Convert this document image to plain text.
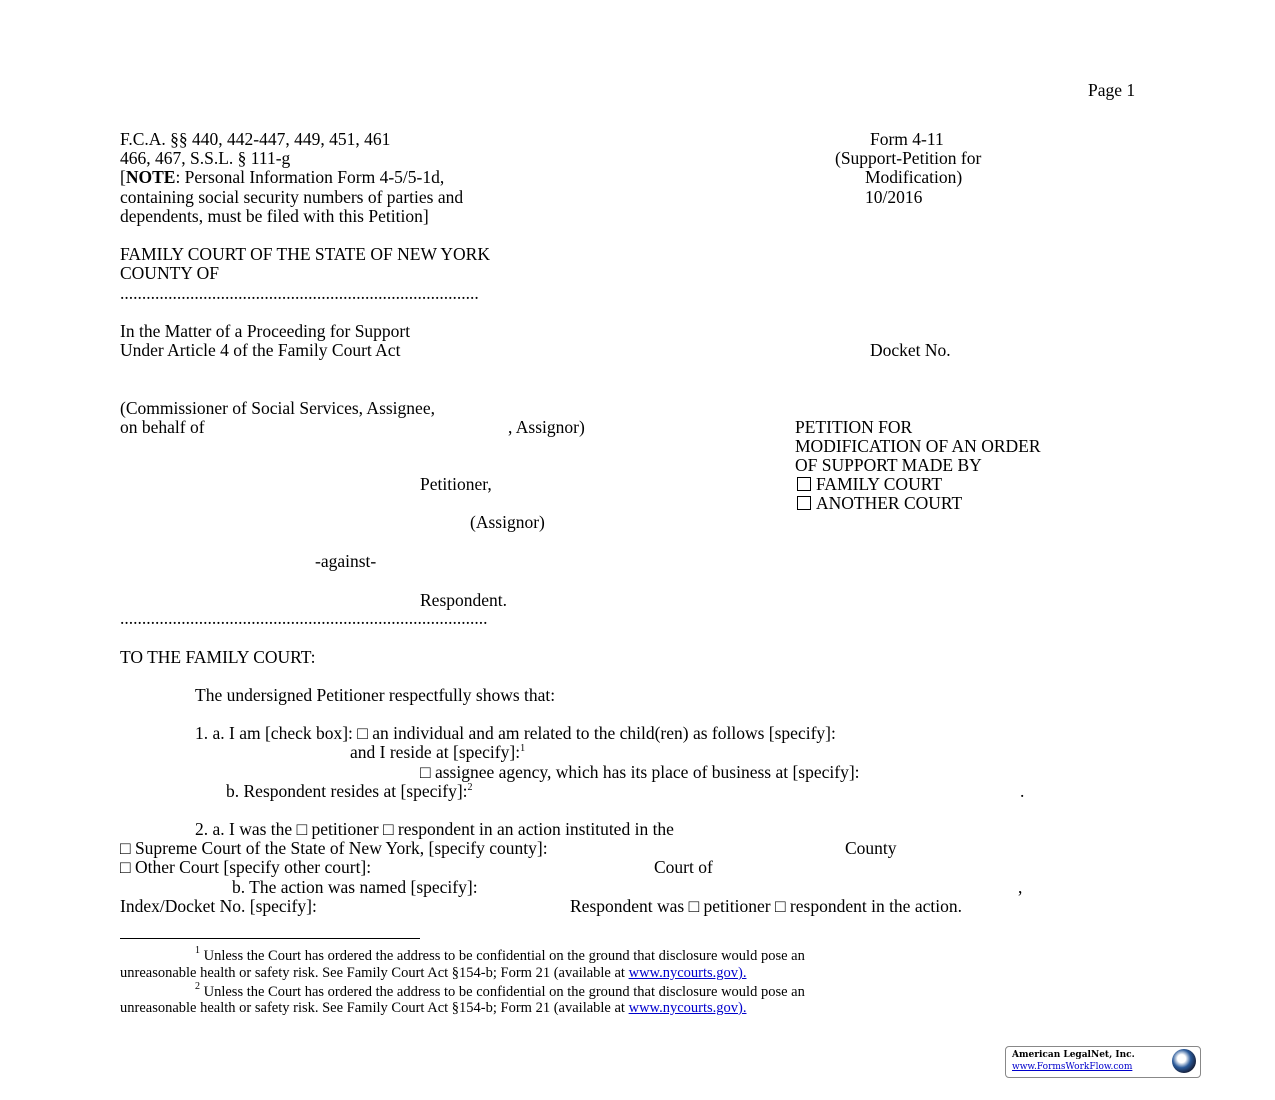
Page 1
F.C.A. §§ 440, 442-447, 449, 451, 461
466, 467, S.S.L. § 111-g
[NOTE: Personal Information Form 4-5/5-1d,
containing social security numbers of parties and
dependents, must be filed with this Petition]
Form 4-11
(Support-Petition for
Modification)
10/2016
FAMILY COURT OF THE STATE OF NEW YORK
COUNTY OF
..................................................................................
In the Matter of a Proceeding for Support
Under Article 4 of the Family Court Act	Docket No.
(Commissioner of Social Services, Assignee,
on behalf of	, Assignor)
Petitioner,
(Assignor)
-against-
Respondent.
....................................................................................
PETITION FOR
MODIFICATION OF AN ORDER
OF SUPPORT MADE BY
FAMILY COURT
ANOTHER COURT
TO THE FAMILY COURT:
The undersigned Petitioner respectfully shows that:
1. a. I am [check box]: □ an individual and am related to the child(ren) as follows [specify]:
and I reside at [specify]:$^1$
□ assignee agency, which has its place of business at [specify]:
b. Respondent resides at [specify]:$^2$	.
2. a. I was the □ petitioner □ respondent in an action instituted in the
□ Supreme Court of the State of New York, [specify county]:	County
□ Other Court [specify other court]:	Court of
b. The action was named [specify]:	,
Index/Docket No. [specify]:	Respondent was □ petitioner □ respondent in the action.
$^1$ Unless the Court has ordered the address to be confidential on the ground that disclosure would pose an
unreasonable health or safety risk. See Family Court Act §154-b; Form 21 (available at www.nycourts.gov).
$^2$ Unless the Court has ordered the address to be confidential on the ground that disclosure would pose an
unreasonable health or safety risk. See Family Court Act §154-b; Form 21 (available at www.nycourts.gov).
American LegalNet, Inc.
www.FormsWorkFlow.com
